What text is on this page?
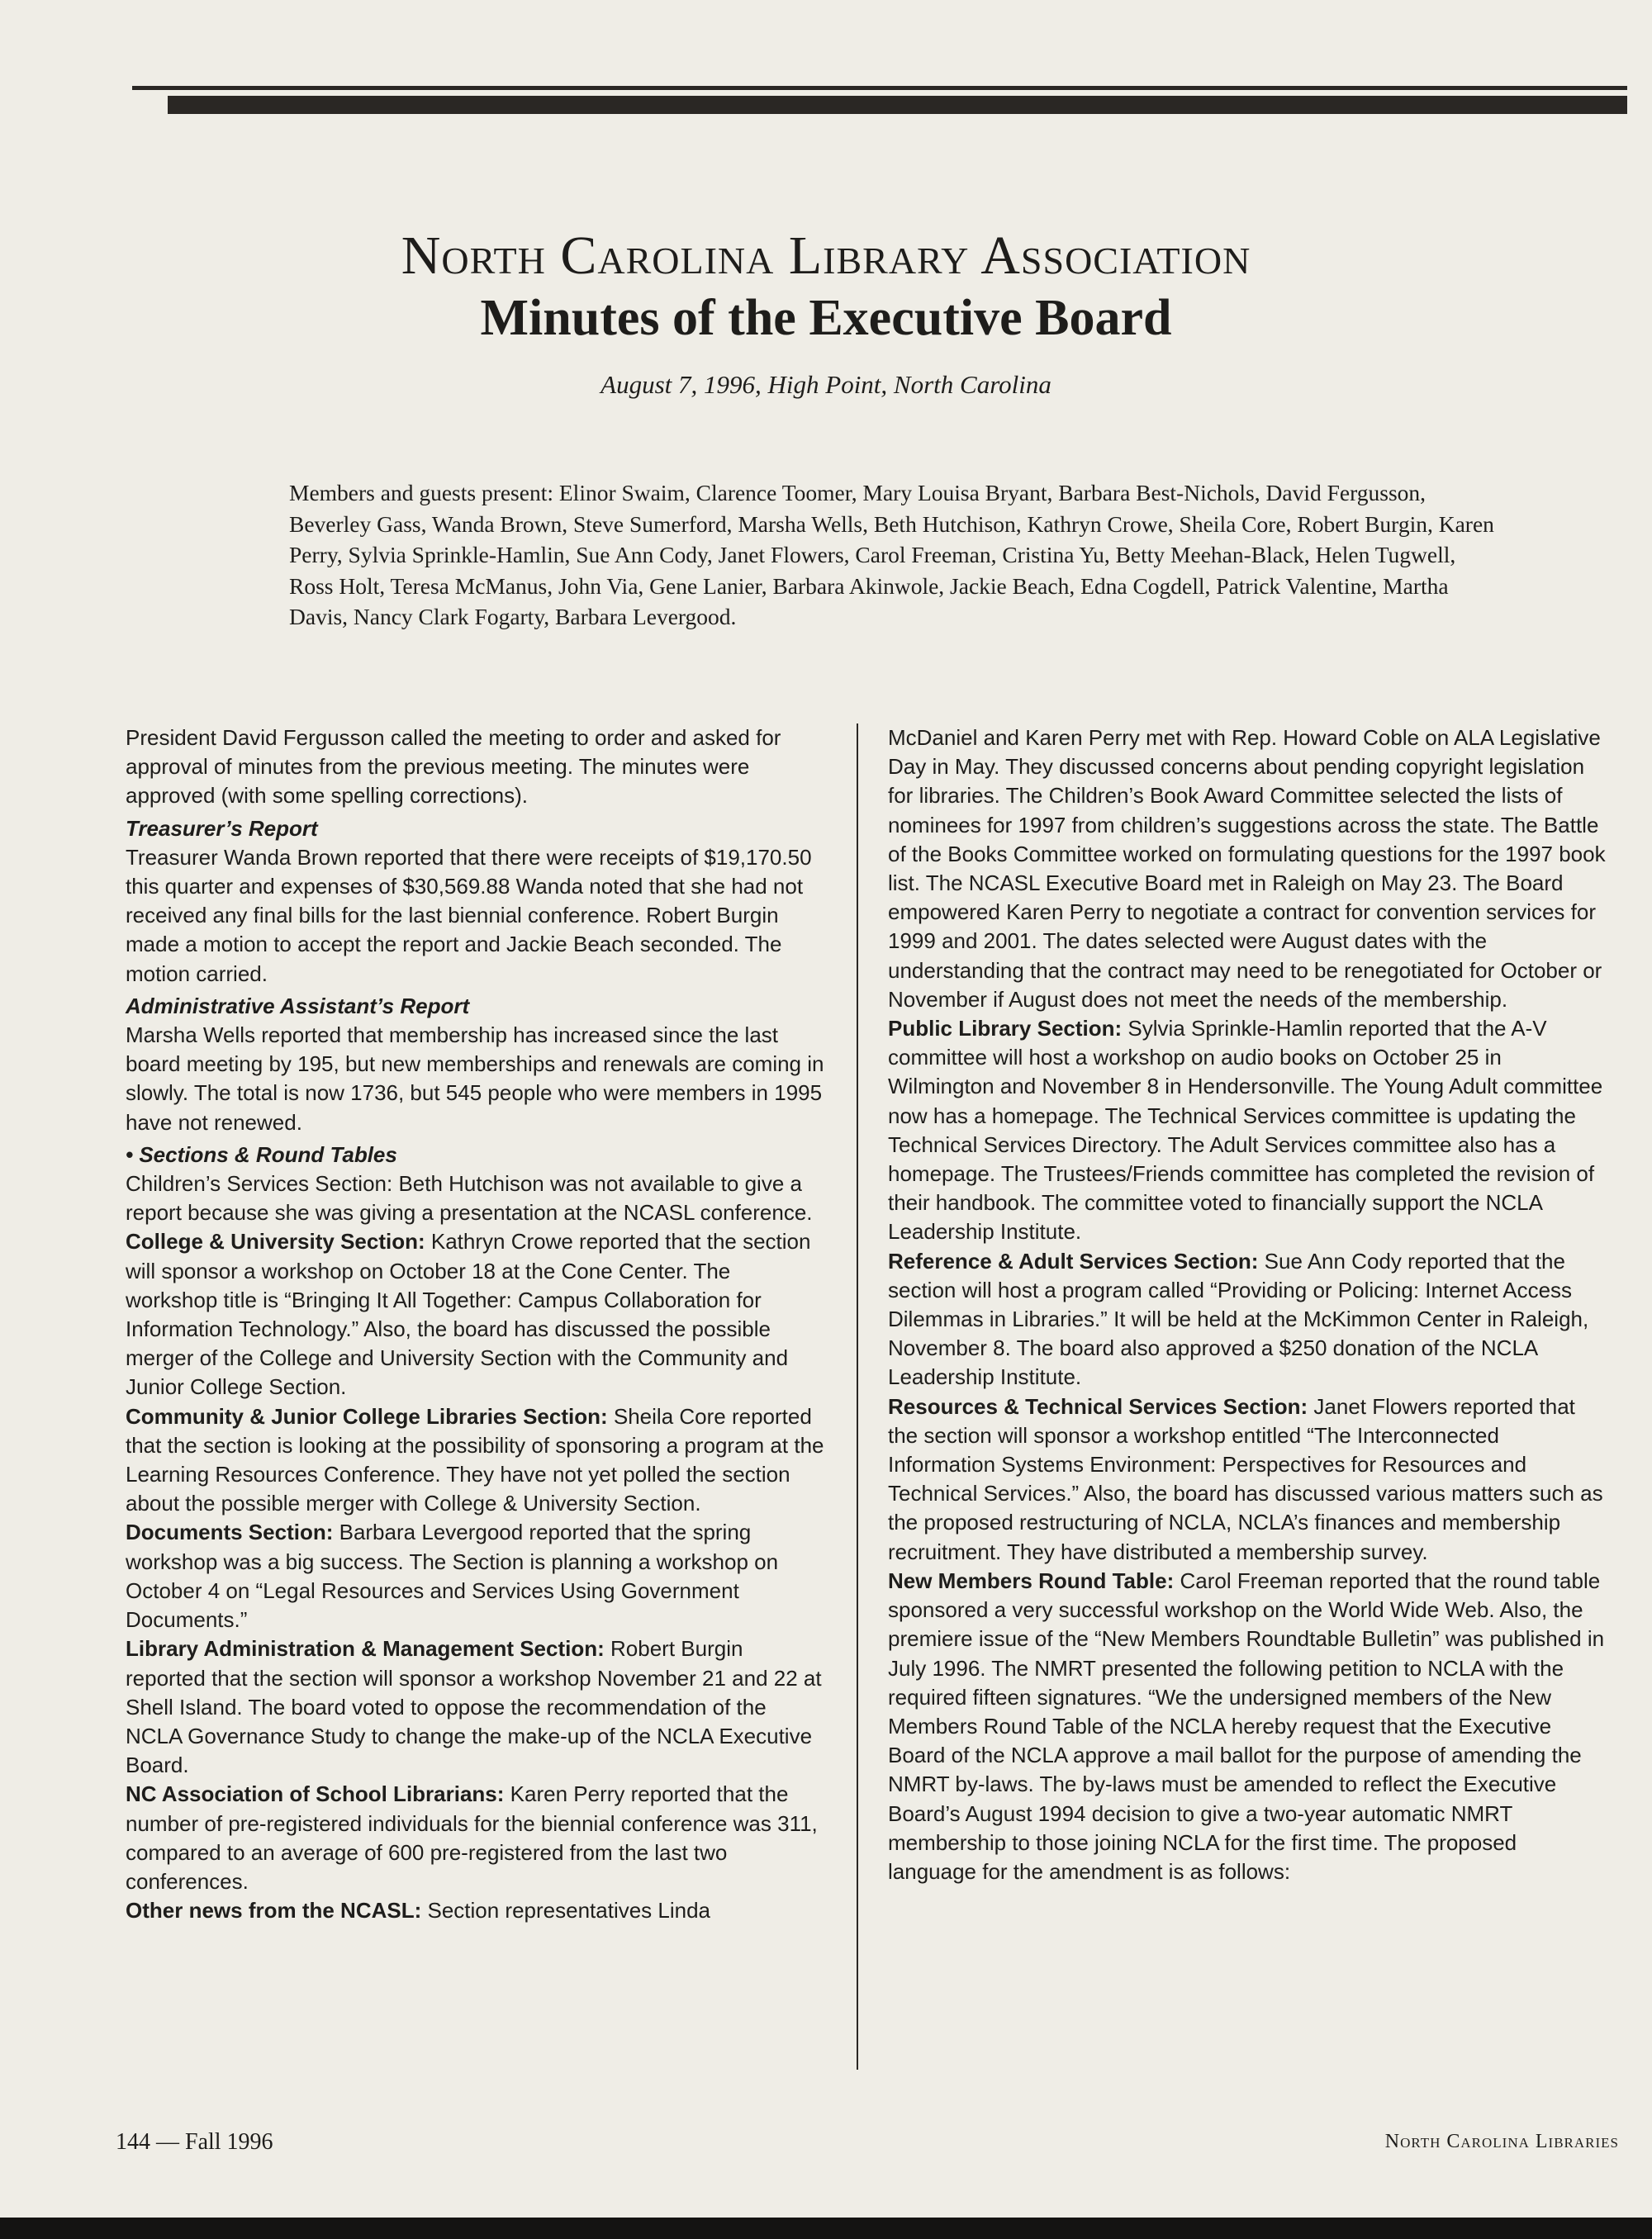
North Carolina Library Association
Minutes of the Executive Board
August 7, 1996, High Point, North Carolina
Members and guests present: Elinor Swaim, Clarence Toomer, Mary Louisa Bryant, Barbara Best-Nichols, David Fergusson, Beverley Gass, Wanda Brown, Steve Sumerford, Marsha Wells, Beth Hutchison, Kathryn Crowe, Sheila Core, Robert Burgin, Karen Perry, Sylvia Sprinkle-Hamlin, Sue Ann Cody, Janet Flowers, Carol Freeman, Cristina Yu, Betty Meehan-Black, Helen Tugwell, Ross Holt, Teresa McManus, John Via, Gene Lanier, Barbara Akinwole, Jackie Beach, Edna Cogdell, Patrick Valentine, Martha Davis, Nancy Clark Fogarty, Barbara Levergood.

President David Fergusson called the meeting to order and asked for approval of minutes from the previous meeting. The minutes were approved (with some spelling corrections).

Treasurer’s Report

Treasurer Wanda Brown reported that there were receipts of $19,170.50 this quarter and expenses of $30,569.88 Wanda noted that she had not received any final bills for the last biennial conference. Robert Burgin made a motion to accept the report and Jackie Beach seconded. The motion carried.

Administrative Assistant’s Report

Marsha Wells reported that membership has increased since the last board meeting by 195, but new memberships and renewals are coming in slowly. The total is now 1736, but 545 people who were members in 1995 have not renewed.

• Sections & Round Tables

Children’s Services Section: Beth Hutchison was not available to give a report because she was giving a presentation at the NCASL conference.

College & University Section: Kathryn Crowe reported that the section will sponsor a workshop on October 18 at the Cone Center. The workshop title is “Bringing It All Together: Campus Collaboration for Information Technology.” Also, the board has discussed the possible merger of the College and University Section with the Community and Junior College Section.

Community & Junior College Libraries Section: Sheila Core reported that the section is looking at the possibility of sponsoring a program at the Learning Resources Conference. They have not yet polled the section about the possible merger with College & University Section.

Documents Section: Barbara Levergood reported that the spring workshop was a big success. The Section is planning a workshop on October 4 on “Legal Resources and Services Using Government Documents.”

Library Administration & Management Section: Robert Burgin reported that the section will sponsor a workshop November 21 and 22 at Shell Island. The board voted to oppose the recommendation of the NCLA Governance Study to change the make-up of the NCLA Executive Board.

NC Association of School Librarians: Karen Perry reported that the number of pre-registered individuals for the biennial conference was 311, compared to an average of 600 pre-registered from the last two conferences.

Other news from the NCASL: Section representatives Linda

McDaniel and Karen Perry met with Rep. Howard Coble on ALA Legislative Day in May. They discussed concerns about pending copyright legislation for libraries. The Children’s Book Award Committee selected the lists of nominees for 1997 from children’s suggestions across the state. The Battle of the Books Committee worked on formulating questions for the 1997 book list. The NCASL Executive Board met in Raleigh on May 23. The Board empowered Karen Perry to negotiate a contract for convention services for 1999 and 2001. The dates selected were August dates with the understanding that the contract may need to be renegotiated for October or November if August does not meet the needs of the membership.

Public Library Section: Sylvia Sprinkle-Hamlin reported that the A-V committee will host a workshop on audio books on October 25 in Wilmington and November 8 in Hendersonville. The Young Adult committee now has a homepage. The Technical Services committee is updating the Technical Services Directory. The Adult Services committee also has a homepage. The Trustees/Friends committee has completed the revision of their handbook. The committee voted to financially support the NCLA Leadership Institute.

Reference & Adult Services Section: Sue Ann Cody reported that the section will host a program called “Providing or Policing: Internet Access Dilemmas in Libraries.” It will be held at the McKimmon Center in Raleigh, November 8. The board also approved a $250 donation of the NCLA Leadership Institute.

Resources & Technical Services Section: Janet Flowers reported that the section will sponsor a workshop entitled “The Interconnected Information Systems Environment: Perspectives for Resources and Technical Services.” Also, the board has discussed various matters such as the proposed restructuring of NCLA, NCLA’s finances and membership recruitment. They have distributed a membership survey.

New Members Round Table: Carol Freeman reported that the round table sponsored a very successful workshop on the World Wide Web. Also, the premiere issue of the “New Members Roundtable Bulletin” was published in July 1996. The NMRT presented the following petition to NCLA with the required fifteen signatures. “We the undersigned members of the New Members Round Table of the NCLA hereby request that the Executive Board of the NCLA approve a mail ballot for the purpose of amending the NMRT by-laws. The by-laws must be amended to reflect the Executive Board’s August 1994 decision to give a two-year automatic NMRT membership to those joining NCLA for the first time. The proposed language for the amendment is as follows:

144 — Fall 1996	North Carolina Libraries
